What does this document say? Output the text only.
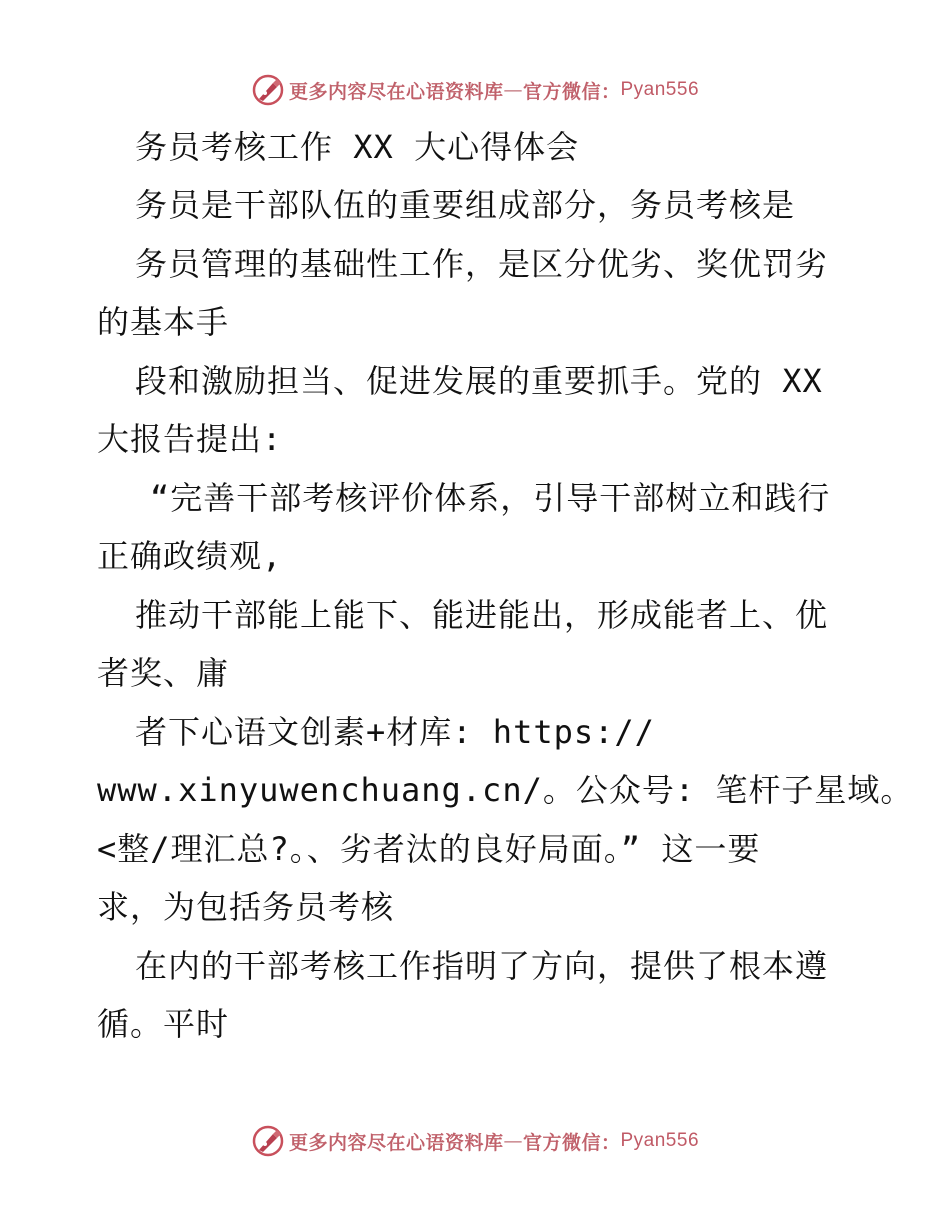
更多内容尽在心语资料库 — 官方微信： Pyan556
务员考核工作 XX 大心得体会
务员是干部队伍的重要组成部分，务员考核是
务员管理的基础性工作，是区分优劣、奖优罚劣
的基本手
段和激励担当、促进发展的重要抓手。党的 XX
大报告提出:
“完善干部考核评价体系，引导干部树立和践行
正确政绩观,
推动干部能上能下、能进能出，形成能者上、优
者奖、庸
者下心语文创素+材库: https://
www.xinyuwenchuang.cn/。公众号: 笔杆子星域。
<整/理汇总?。、劣者汰的良好局面。” 这一要
求，为包括务员考核
在内的干部考核工作指明了方向，提供了根本遵
循。平时
更多内容尽在心语资料库 — 官方微信： Pyan556
